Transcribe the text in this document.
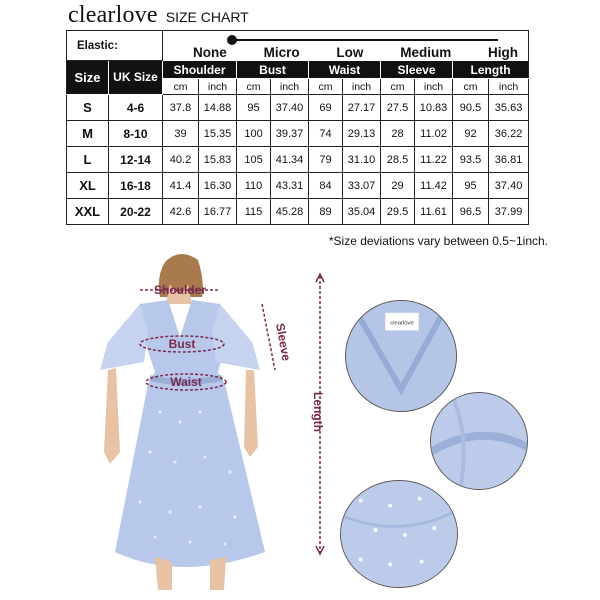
clearlove SIZE CHART
Elastic:		None Micro Low Medium High									

Size	UK Size	Shoulder		Bust		Waist		Sleeve		Length	
		cm	inch	cm	inch	cm	inch	cm	inch	cm	inch
S	4-6	37.8	14.88	95	37.40	69	27.17	27.5	10.83	90.5	35.63
M	8-10	39	15.35	100	39.37	74	29.13	28	11.02	92	36.22
L	12-14	40.2	15.83	105	41.34	79	31.10	28.5	11.22	93.5	36.81
XL	16-18	41.4	16.30	110	43.31	84	33.07	29	11.42	95	37.40
XXL	20-22	42.6	16.77	115	45.28	89	35.04	29.5	11.61	96.5	37.99
*Size deviations vary between 0.5~1inch.
Shoulder
Bust
Waist
Sleeve
Length
clearlove
